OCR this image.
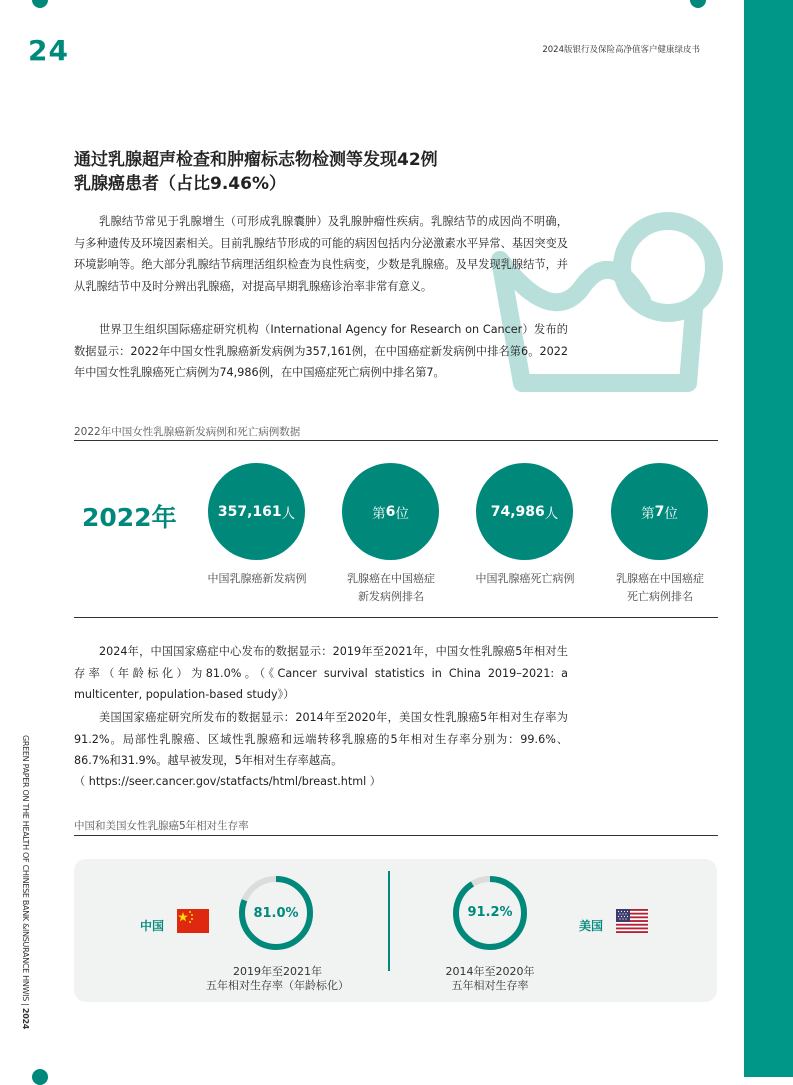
24	2024版银行及保险高净值客户健康绿皮书
GREEN PAPER ON THE HEALTH OF CHINESE BANK &INSURANCE HNWIS | 2024
通过乳腺超声检查和肿瘤标志物检测等发现42例
乳腺癌患者（占比9.46%）
乳腺结节常见于乳腺增生（可形成乳腺囊肿）及乳腺肿瘤性疾病。乳腺结节的成因尚不明确，与多种遗传及环境因素相关。目前乳腺结节形成的可能的病因包括内分泌激素水平异常、基因突变及环境影响等。绝大部分乳腺结节病理活组织检查为良性病变，少数是乳腺癌。及早发现乳腺结节，并从乳腺结节中及时分辨出乳腺癌，对提高早期乳腺癌诊治率非常有意义。
世界卫生组织国际癌症研究机构（International Agency for Research on Cancer）发布的数据显示：2022年中国女性乳腺癌新发病例为357,161例，在中国癌症新发病例中排名第6。2022年中国女性乳腺癌死亡病例为74,986例，在中国癌症死亡病例中排名第7。
2022年中国女性乳腺癌新发病例和死亡病例数据
2022年	357,161 人	第 6 位	74,986 人	第 7 位
中国乳腺癌新发病例	乳腺癌在中国癌症
新发病例排名
中国乳腺癌死亡病例	乳腺癌在中国癌症
死亡病例排名
2024年，中国国家癌症中心发布的数据显示：2019年至2021年，中国女性乳腺癌5年相对生存率（年龄标化）为81.0%。（《Cancer survival statistics in China 2019–2021: a multicenter, population-based study》）
美国国家癌症研究所发布的数据显示：2014年至2020年，美国女性乳腺癌5年相对生存率为91.2%。局部性乳腺癌、区域性乳腺癌和远端转移乳腺癌的5年相对生存率分别为：99.6%、86.7%和31.9%。越早被发现，5年相对生存率越高。
（ https://seer.cancer.gov/statfacts/html/breast.html ）
中国和美国女性乳腺癌5年相对生存率
中国
81.0%
2019年至2021年
五年相对生存率（年龄标化）
91.2%
美国
2014年至2020年
五年相对生存率
